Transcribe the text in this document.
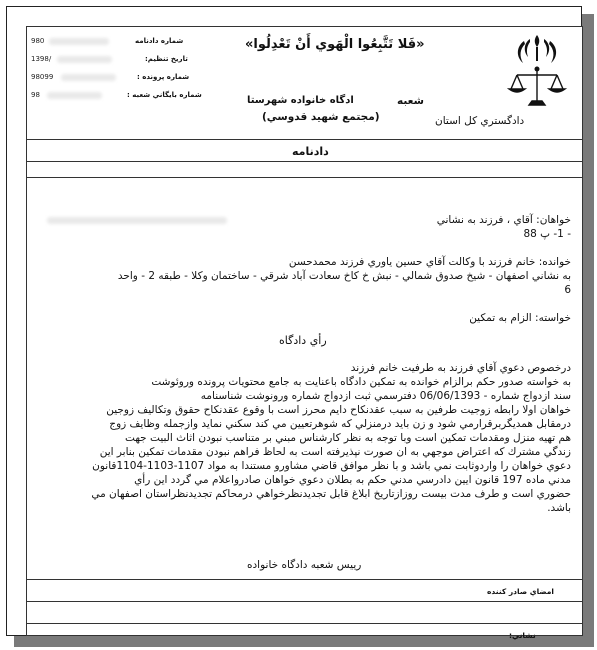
«فَلا تَتَّبِعُوا الْهَوي أَنْ تَعْدِلُوا»
شعبه
ادگاه خانواده شهرستا
(مجتمع شهيد قدوسي)	دادگستري كل استان
شماره دادنامه
980
تاريخ تنظيم:
1398/
شماره پرونده :
98099
شماره بايگاني شعبه :
98
دادنامه
خواهان: آقاي ، فرزند به نشاني
- 1- پ 88
خوانده: خانم فرزند با وكالت آقاي حسين ياوري فرزند محمدحسن
به نشاني اصفهان - شيخ صدوق شمالي - نبش خ كاخ سعادت آباد شرقي - ساختمان وكلا - طبقه 2 - واحد
6
خواسته: الزام به تمكين
رأي دادگاه
درخصوص دعوي آقاي فرزند به طرفيت خانم فرزند
به خواسته صدور حكم برالزام خوانده به تمكين دادگاه باعنايت به جامع محتويات پرونده وروئوشت
سند ازدواج شماره - 06/06/1393 دفترسمي ثبت ازدواج شماره ورونوشت شناسنامه
خواهان اولا رابطه زوجيت طرفين به سبب عقدنكاح دايم محرز است با وقوع عقدنكاح حقوق وتكاليف زوجين
درمقابل همديگربرقرارمي شود و زن بايد درمنزلي كه شوهرتعيين مي كند سكني نمايد وازجمله وظايف زوج
هم تهيه منزل ومقدمات تمكين است وبا توجه به نظر كارشناس مبني بر متناسب نبودن اثاث البيت جهت
زندگي مشترك كه اعتراض موجهي به ان صورت نپذيرفته است به لحاظ فراهم نبودن مقدمات تمكين بنابر اين
دعوي خواهان را واردوثابت نمي باشد و با نظر موافق قاضي مشاورو مستندا به مواد 1107-1103-1104قانون
مدني ماده 197 قانون ايين دادرسي مدني حكم به بطلان دعوي خواهان صادرواعلام مي گردد اين رأي
حضوري است و طرف مدت بيست روزازتاريخ ابلاغ قابل تجديدنظرخواهي درمحاكم تجديدنظراستان اصفهان مي
باشد.
رييس شعبه دادگاه خانواده
امضاي صادر كننده
نشاني:
